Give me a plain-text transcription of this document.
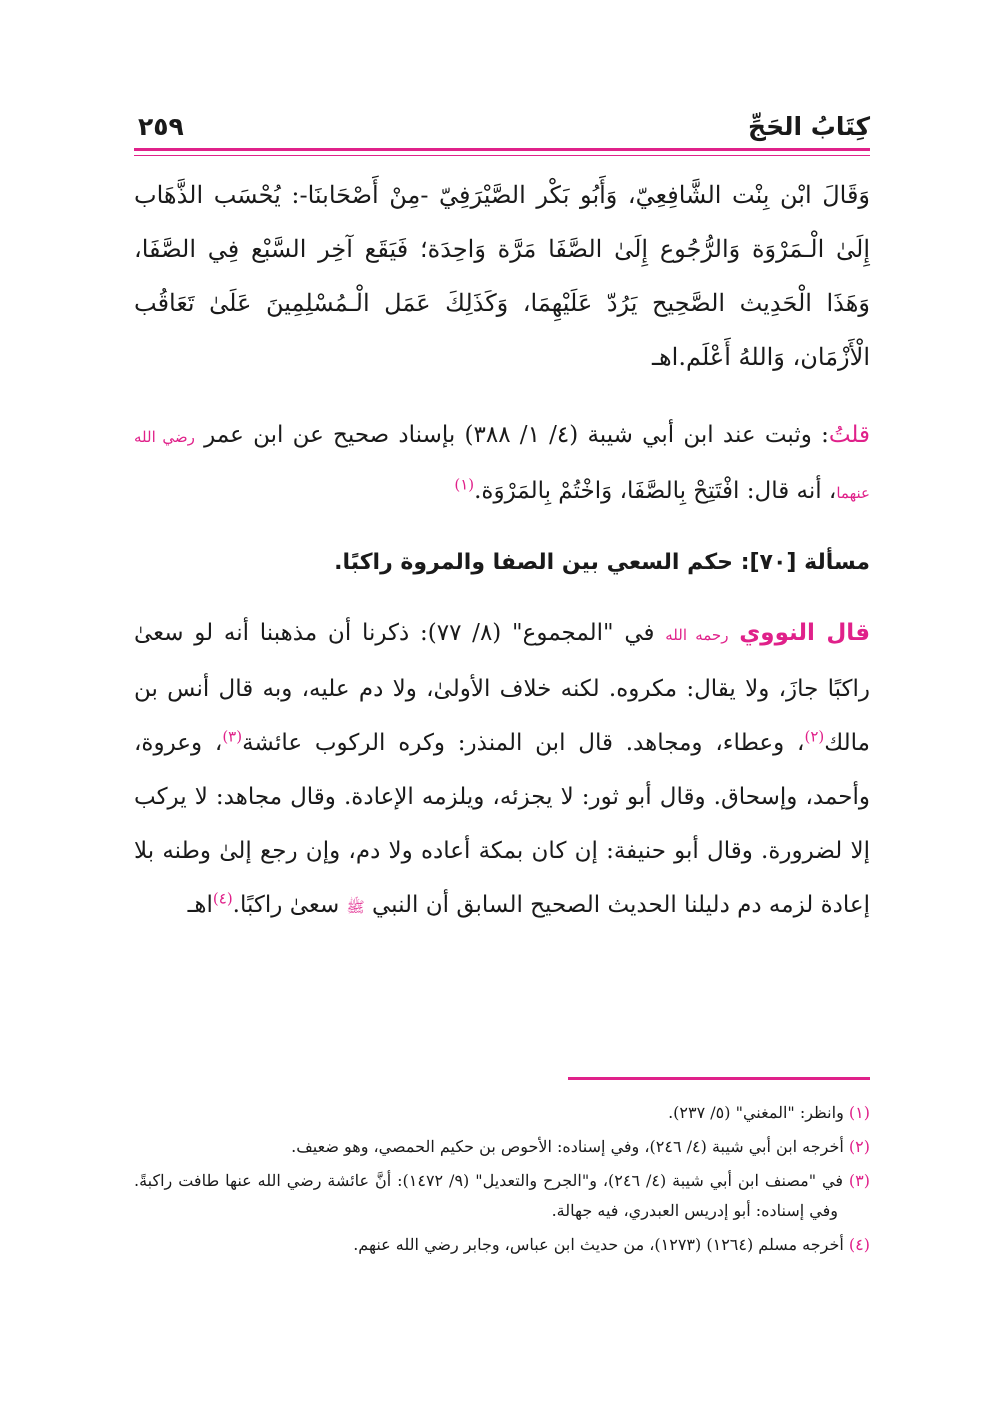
كِتَابُ الحَجِّ
٢٥٩

وَقَالَ ابْن بِنْت الشَّافِعِيّ، وَأَبُو بَكْر الصَّيْرَفِيّ -مِنْ أَصْحَابنَا-: يُحْسَب الذَّهَاب إِلَىٰ الْـمَرْوَة وَالرُّجُوع إِلَىٰ الصَّفَا مَرَّة وَاحِدَة؛ فَيَقَع آخِر السَّبْع فِي الصَّفَا، وَهَذَا الْحَدِيث الصَّحِيح يَرُدّ عَلَيْهِمَا، وَكَذَلِكَ عَمَل الْـمُسْلِمِينَ عَلَىٰ تَعَاقُب الْأَزْمَان، وَاللهُ أَعْلَم.اهـ

قلتُ: وثبت عند ابن أبي شيبة (٤/ ١/ ٣٨٨) بإسناد صحيح عن ابن عمر رضي الله عنهما، أنه قال: افْتَتِحْ بِالصَّفَا، وَاخْتُمْ بِالمَرْوَة.$^{(١)}$

مسألة [٧٠]: حكم السعي بين الصفا والمروة راكبًا.

قال النووي رحمه الله في "المجموع" (٨/ ٧٧): ذكرنا أن مذهبنا أنه لو سعىٰ راكبًا جازَ، ولا يقال: مكروه. لكنه خلاف الأولىٰ، ولا دم عليه، وبه قال أنس بن مالك$^{(٢)}$، وعطاء، ومجاهد. قال ابن المنذر: وكره الركوب عائشة$^{(٣)}$، وعروة، وأحمد، وإسحاق. وقال أبو ثور: لا يجزئه، ويلزمه الإعادة. وقال مجاهد: لا يركب إلا لضرورة. وقال أبو حنيفة: إن كان بمكة أعاده ولا دم، وإن رجع إلىٰ وطنه بلا إعادة لزمه دم دليلنا الحديث الصحيح السابق أن النبي ﷺ سعىٰ راكبًا.$^{(٤)}$اهـ

(١) وانظر: "المغني" (٥/ ٢٣٧).

(٢) أخرجه ابن أبي شيبة (٤/ ٢٤٦)، وفي إسناده: الأحوص بن حكيم الحمصي، وهو ضعيف.

(٣) في "مصنف ابن أبي شيبة (٤/ ٢٤٦)، و"الجرح والتعديل" (٩/ ١٤٧٢): أنَّ عائشة رضي الله عنها طافت راكبةً. وفي إسناده: أبو إدريس العبدري، فيه جهالة.

(٤) أخرجه مسلم (١٢٦٤) (١٢٧٣)، من حديث ابن عباس، وجابر رضي الله عنهم.
